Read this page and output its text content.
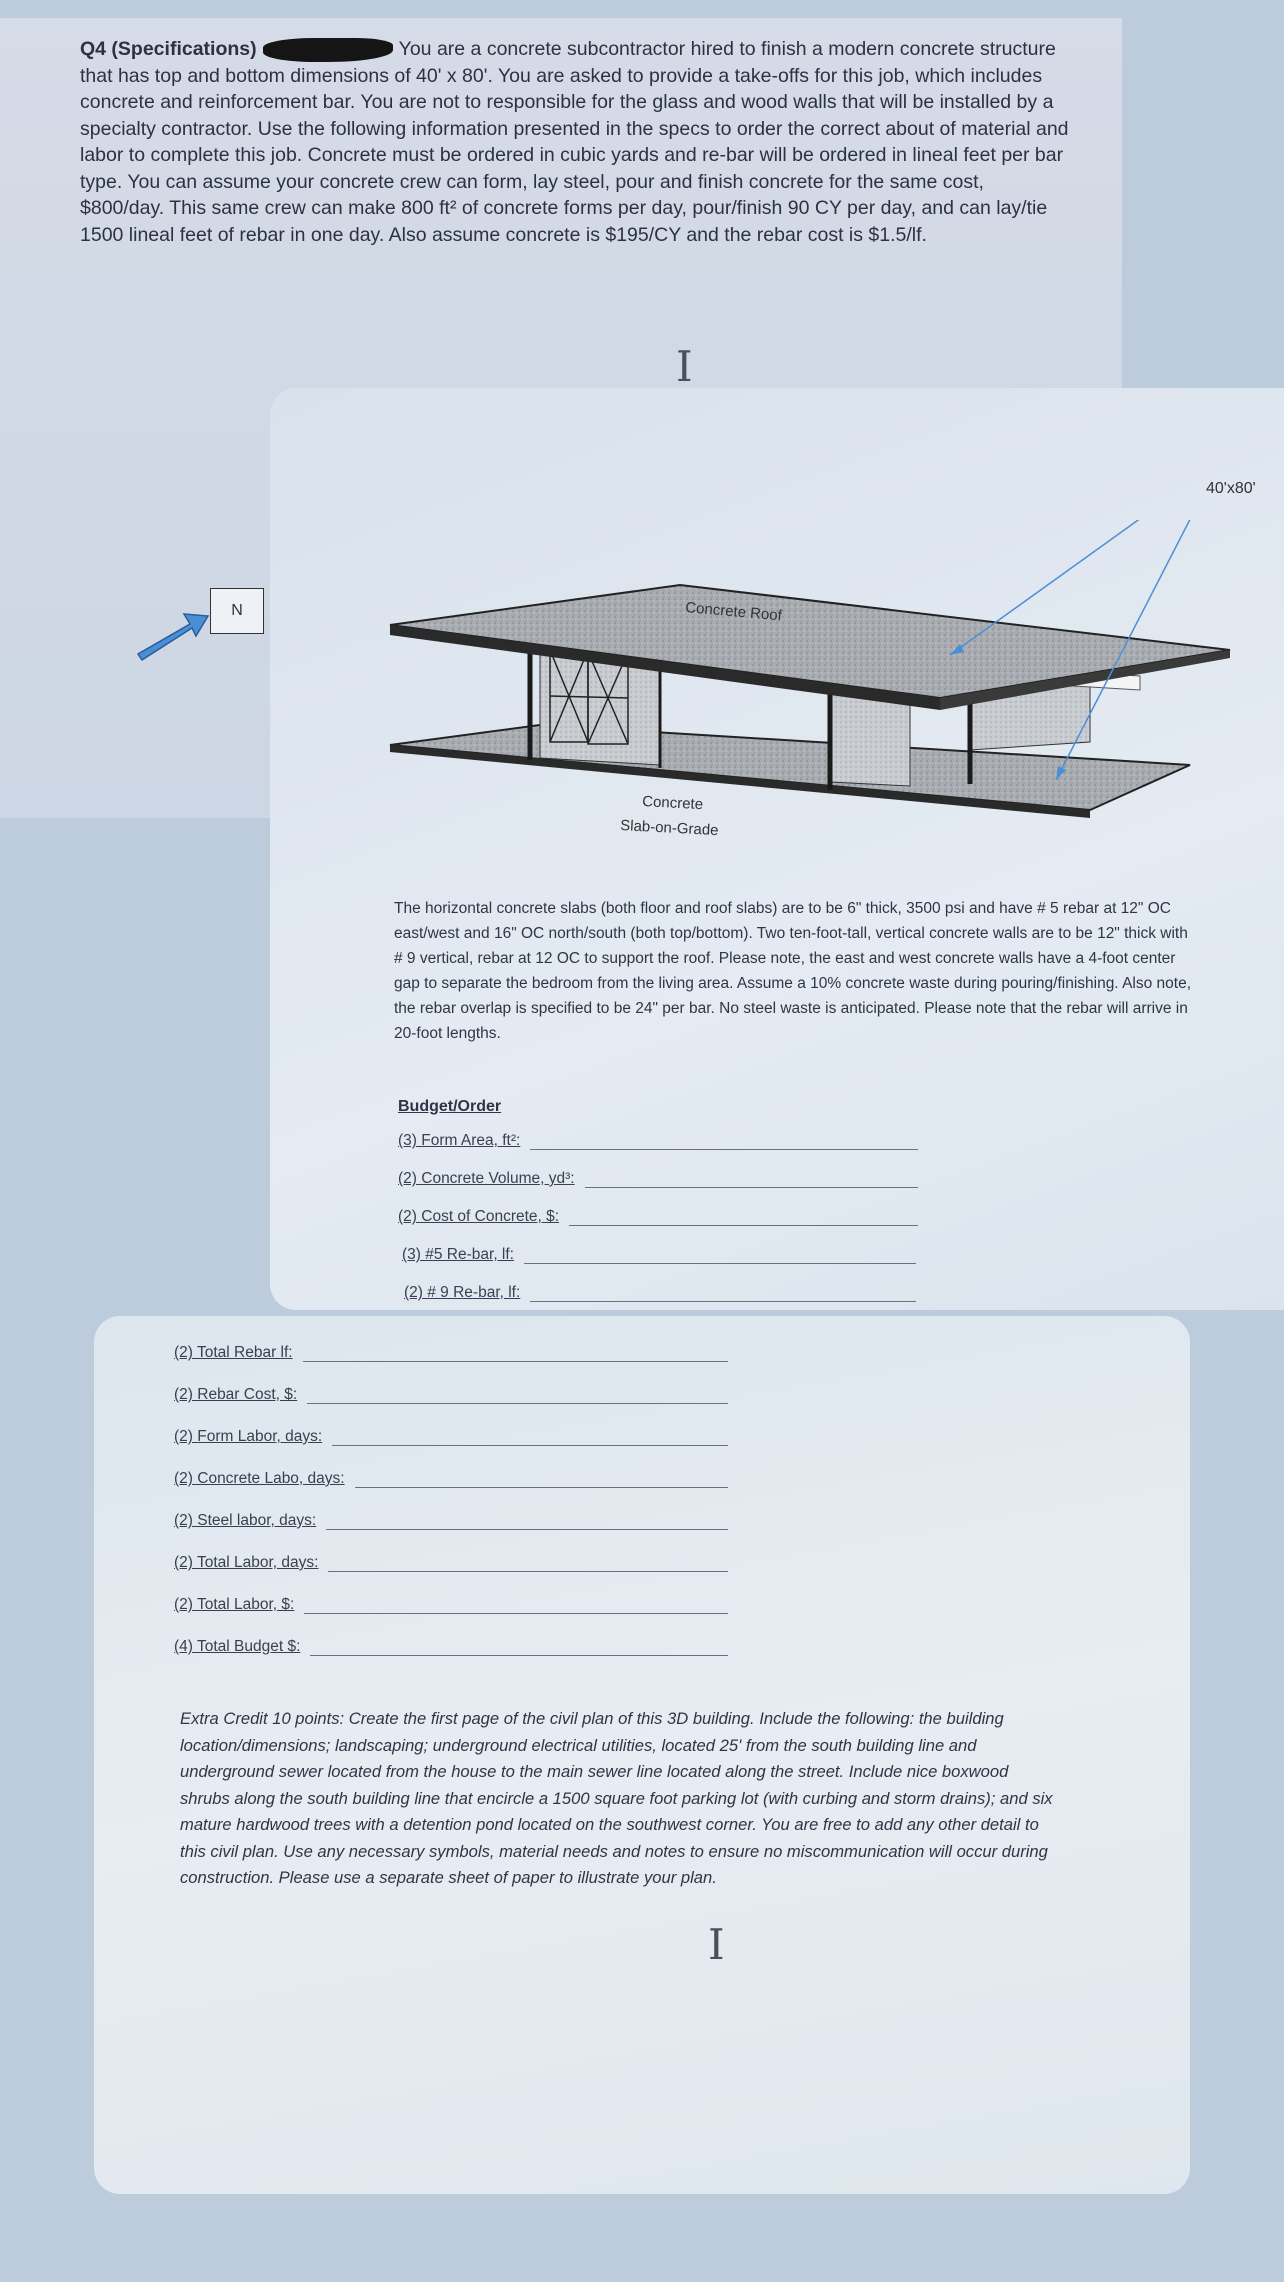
Q4 (Specifications)	You are a concrete subcontractor hired to finish a modern concrete structure that has top and bottom dimensions of 40' x 80'. You are asked to provide a take-offs for this job, which includes concrete and reinforcement bar. You are not to responsible for the glass and wood walls that will be installed by a specialty contractor. Use the following information presented in the specs to order the correct about of material and labor to complete this job. Concrete must be ordered in cubic yards and re-bar will be ordered in lineal feet per bar type. You can assume your concrete crew can form, lay steel, pour and finish concrete for the same cost, $800/day. This same crew can make 800 ft² of concrete forms per day, pour/finish 90 CY per day, and can lay/tie 1500 lineal feet of rebar in one day. Also assume concrete is $195/CY and the rebar cost is $1.5/lf.
I
N	Concrete Roof
Concrete
Slab-on-Grade
40'x80'
The horizontal concrete slabs (both floor and roof slabs) are to be 6" thick, 3500 psi and have # 5 rebar at 12" OC east/west and 16" OC north/south (both top/bottom). Two ten-foot-tall, vertical concrete walls are to be 12" thick with # 9 vertical, rebar at 12 OC to support the roof. Please note, the east and west concrete walls have a 4-foot center gap to separate the bedroom from the living area. Assume a 10% concrete waste during pouring/finishing. Also note, the rebar overlap is specified to be 24" per bar. No steel waste is anticipated. Please note that the rebar will arrive in 20-foot lengths.
Budget/Order
(3) Form Area, ft²:
(2) Concrete Volume, yd³:
(2) Cost of Concrete, $:
(3) #5 Re-bar, lf:
(2) # 9 Re-bar, lf:
(2) Total Rebar lf:
(2) Rebar Cost, $:
(2) Form Labor, days:
(2) Concrete Labo, days:
(2) Steel labor, days:
(2) Total Labor, days:
(2) Total Labor, $:
(4) Total Budget $:
Extra Credit 10 points: Create the first page of the civil plan of this 3D building. Include the following: the building location/dimensions; landscaping; underground electrical utilities, located 25' from the south building line and underground sewer located from the house to the main sewer line located along the street. Include nice boxwood shrubs along the south building line that encircle a 1500 square foot parking lot (with curbing and storm drains); and six mature hardwood trees with a detention pond located on the southwest corner. You are free to add any other detail to this civil plan. Use any necessary symbols, material needs and notes to ensure no miscommunication will occur during construction. Please use a separate sheet of paper to illustrate your plan.
I
